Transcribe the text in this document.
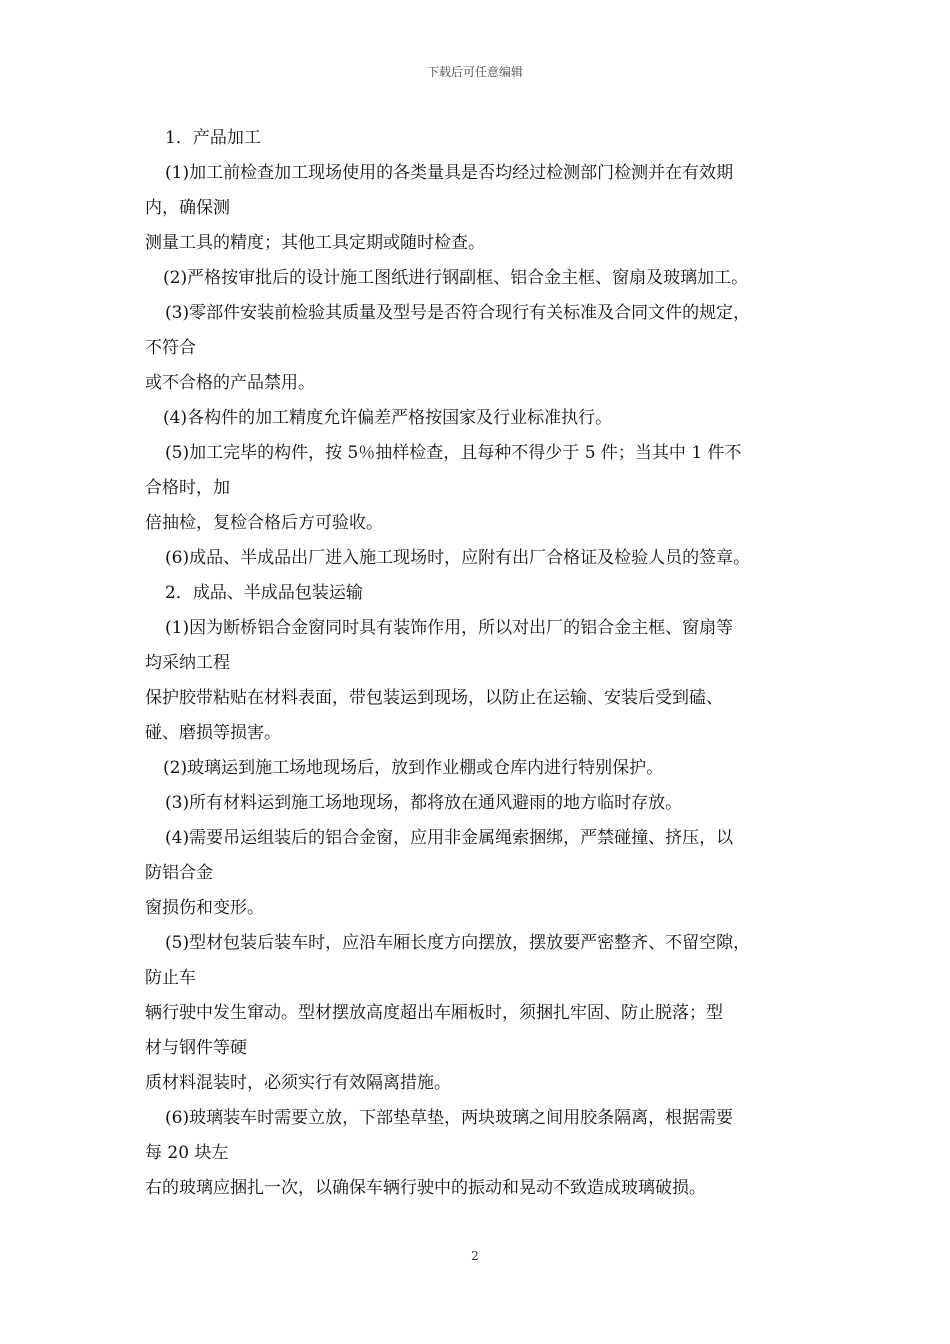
下载后可任意编辑
1．产品加工
(1)加工前检查加工现场使用的各类量具是否均经过检测部门检测并在有效期
内，确保测
测量工具的精度；其他工具定期或随时检查。
(2)严格按审批后的设计施工图纸进行钢副框、铝合金主框、窗扇及玻璃加工。
(3)零部件安装前检验其质量及型号是否符合现行有关标准及合同文件的规定，
不符合
或不合格的产品禁用。
(4)各构件的加工精度允许偏差严格按国家及行业标准执行。
(5)加工完毕的构件，按 5％抽样检查，且每种不得少于 5 件；当其中 1 件不
合格时，加
倍抽检，复检合格后方可验收。
(6)成品、半成品出厂进入施工现场时，应附有出厂合格证及检验人员的签章。
2．成品、半成品包装运输
(1)因为断桥铝合金窗同时具有装饰作用，所以对出厂的铝合金主框、窗扇等
均采纳工程
保护胶带粘贴在材料表面，带包装运到现场，以防止在运输、安装后受到磕、
碰、磨损等损害。
(2)玻璃运到施工场地现场后，放到作业棚或仓库内进行特别保护。
(3)所有材料运到施工场地现场，都将放在通风避雨的地方临时存放。
(4)需要吊运组装后的铝合金窗，应用非金属绳索捆绑，严禁碰撞、挤压，以
防铝合金
窗损伤和变形。
(5)型材包装后装车时，应沿车厢长度方向摆放，摆放要严密整齐、不留空隙，
防止车
辆行驶中发生窜动。型材摆放高度超出车厢板时，须捆扎牢固、防止脱落；型
材与钢件等硬
质材料混装时，必须实行有效隔离措施。
(6)玻璃装车时需要立放，下部垫草垫，两块玻璃之间用胶条隔离，根据需要
每 20 块左
右的玻璃应捆扎一次，以确保车辆行驶中的振动和晃动不致造成玻璃破损。
2
